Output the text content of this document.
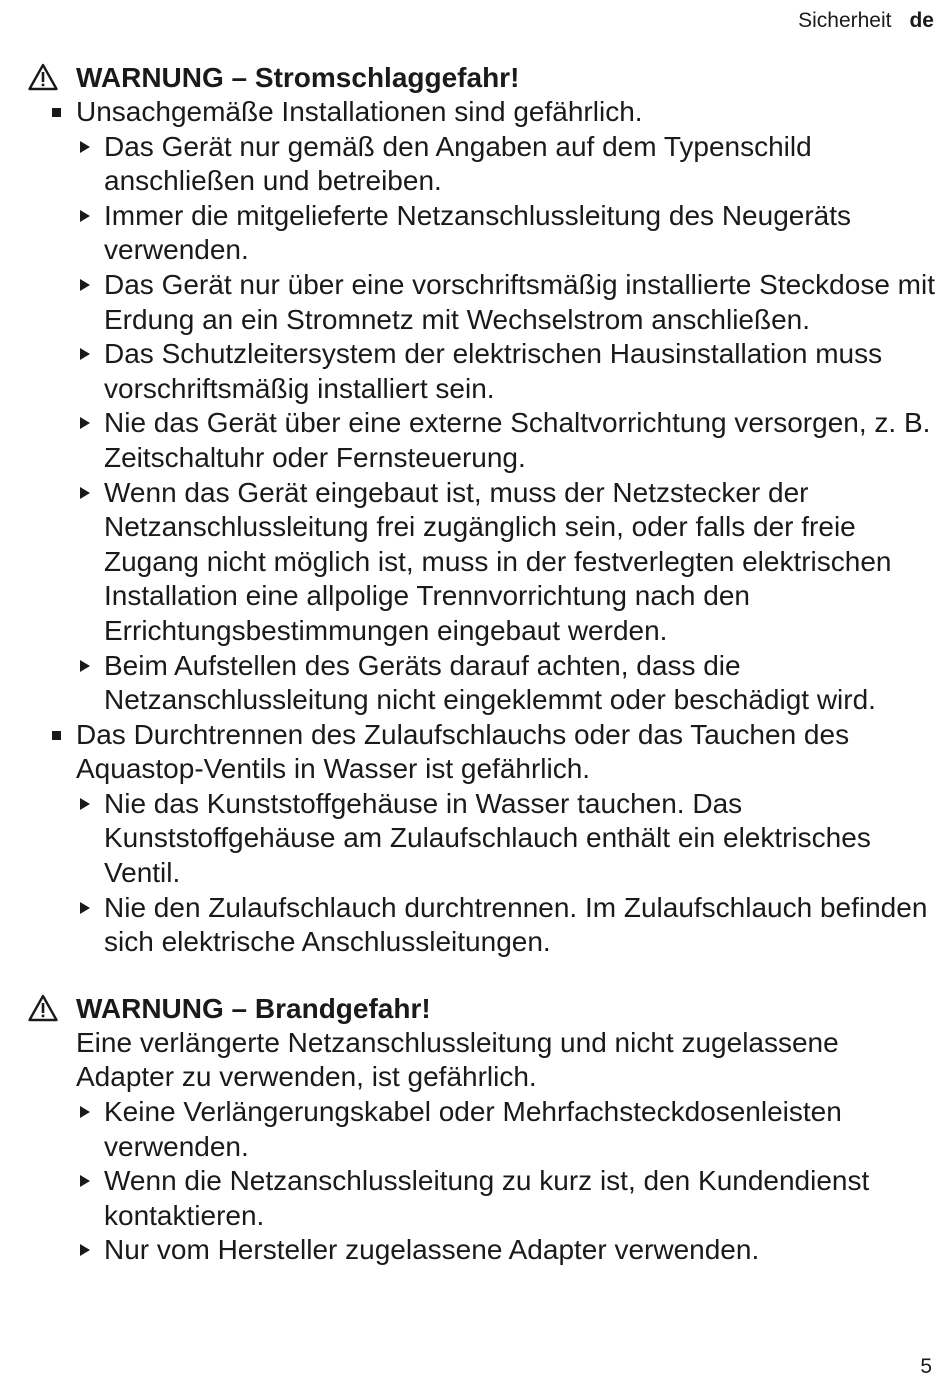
Sicherheit de
WARNUNG – Stromschlaggefahr!
Unsachgemäße Installationen sind gefährlich.
Das Gerät nur gemäß den Angaben auf dem Typenschild anschließen und betreiben.
Immer die mitgelieferte Netzanschlussleitung des Neugeräts verwenden.
Das Gerät nur über eine vorschriftsmäßig installierte Steckdose mit Erdung an ein Stromnetz mit Wechselstrom anschließen.
Das Schutzleitersystem der elektrischen Hausinstallation muss vorschriftsmäßig installiert sein.
Nie das Gerät über eine externe Schaltvorrichtung versorgen, z. B. Zeitschaltuhr oder Fernsteuerung.
Wenn das Gerät eingebaut ist, muss der Netzstecker der Netzanschlussleitung frei zugänglich sein, oder falls der freie Zugang nicht möglich ist, muss in der festverlegten elektrischen Installation eine allpolige Trennvorrichtung nach den Errichtungsbestimmungen eingebaut werden.
Beim Aufstellen des Geräts darauf achten, dass die Netzanschlussleitung nicht eingeklemmt oder beschädigt wird.
Das Durchtrennen des Zulaufschlauchs oder das Tauchen des Aquastop-Ventils in Wasser ist gefährlich.
Nie das Kunststoffgehäuse in Wasser tauchen. Das Kunststoffgehäuse am Zulaufschlauch enthält ein elektrisches Ventil.
Nie den Zulaufschlauch durchtrennen. Im Zulaufschlauch befinden sich elektrische Anschlussleitungen.
WARNUNG – Brandgefahr!
Eine verlängerte Netzanschlussleitung und nicht zugelassene Adapter zu verwenden, ist gefährlich.
Keine Verlängerungskabel oder Mehrfachsteckdosenleisten verwenden.
Wenn die Netzanschlussleitung zu kurz ist, den Kundendienst kontaktieren.
Nur vom Hersteller zugelassene Adapter verwenden.
5
